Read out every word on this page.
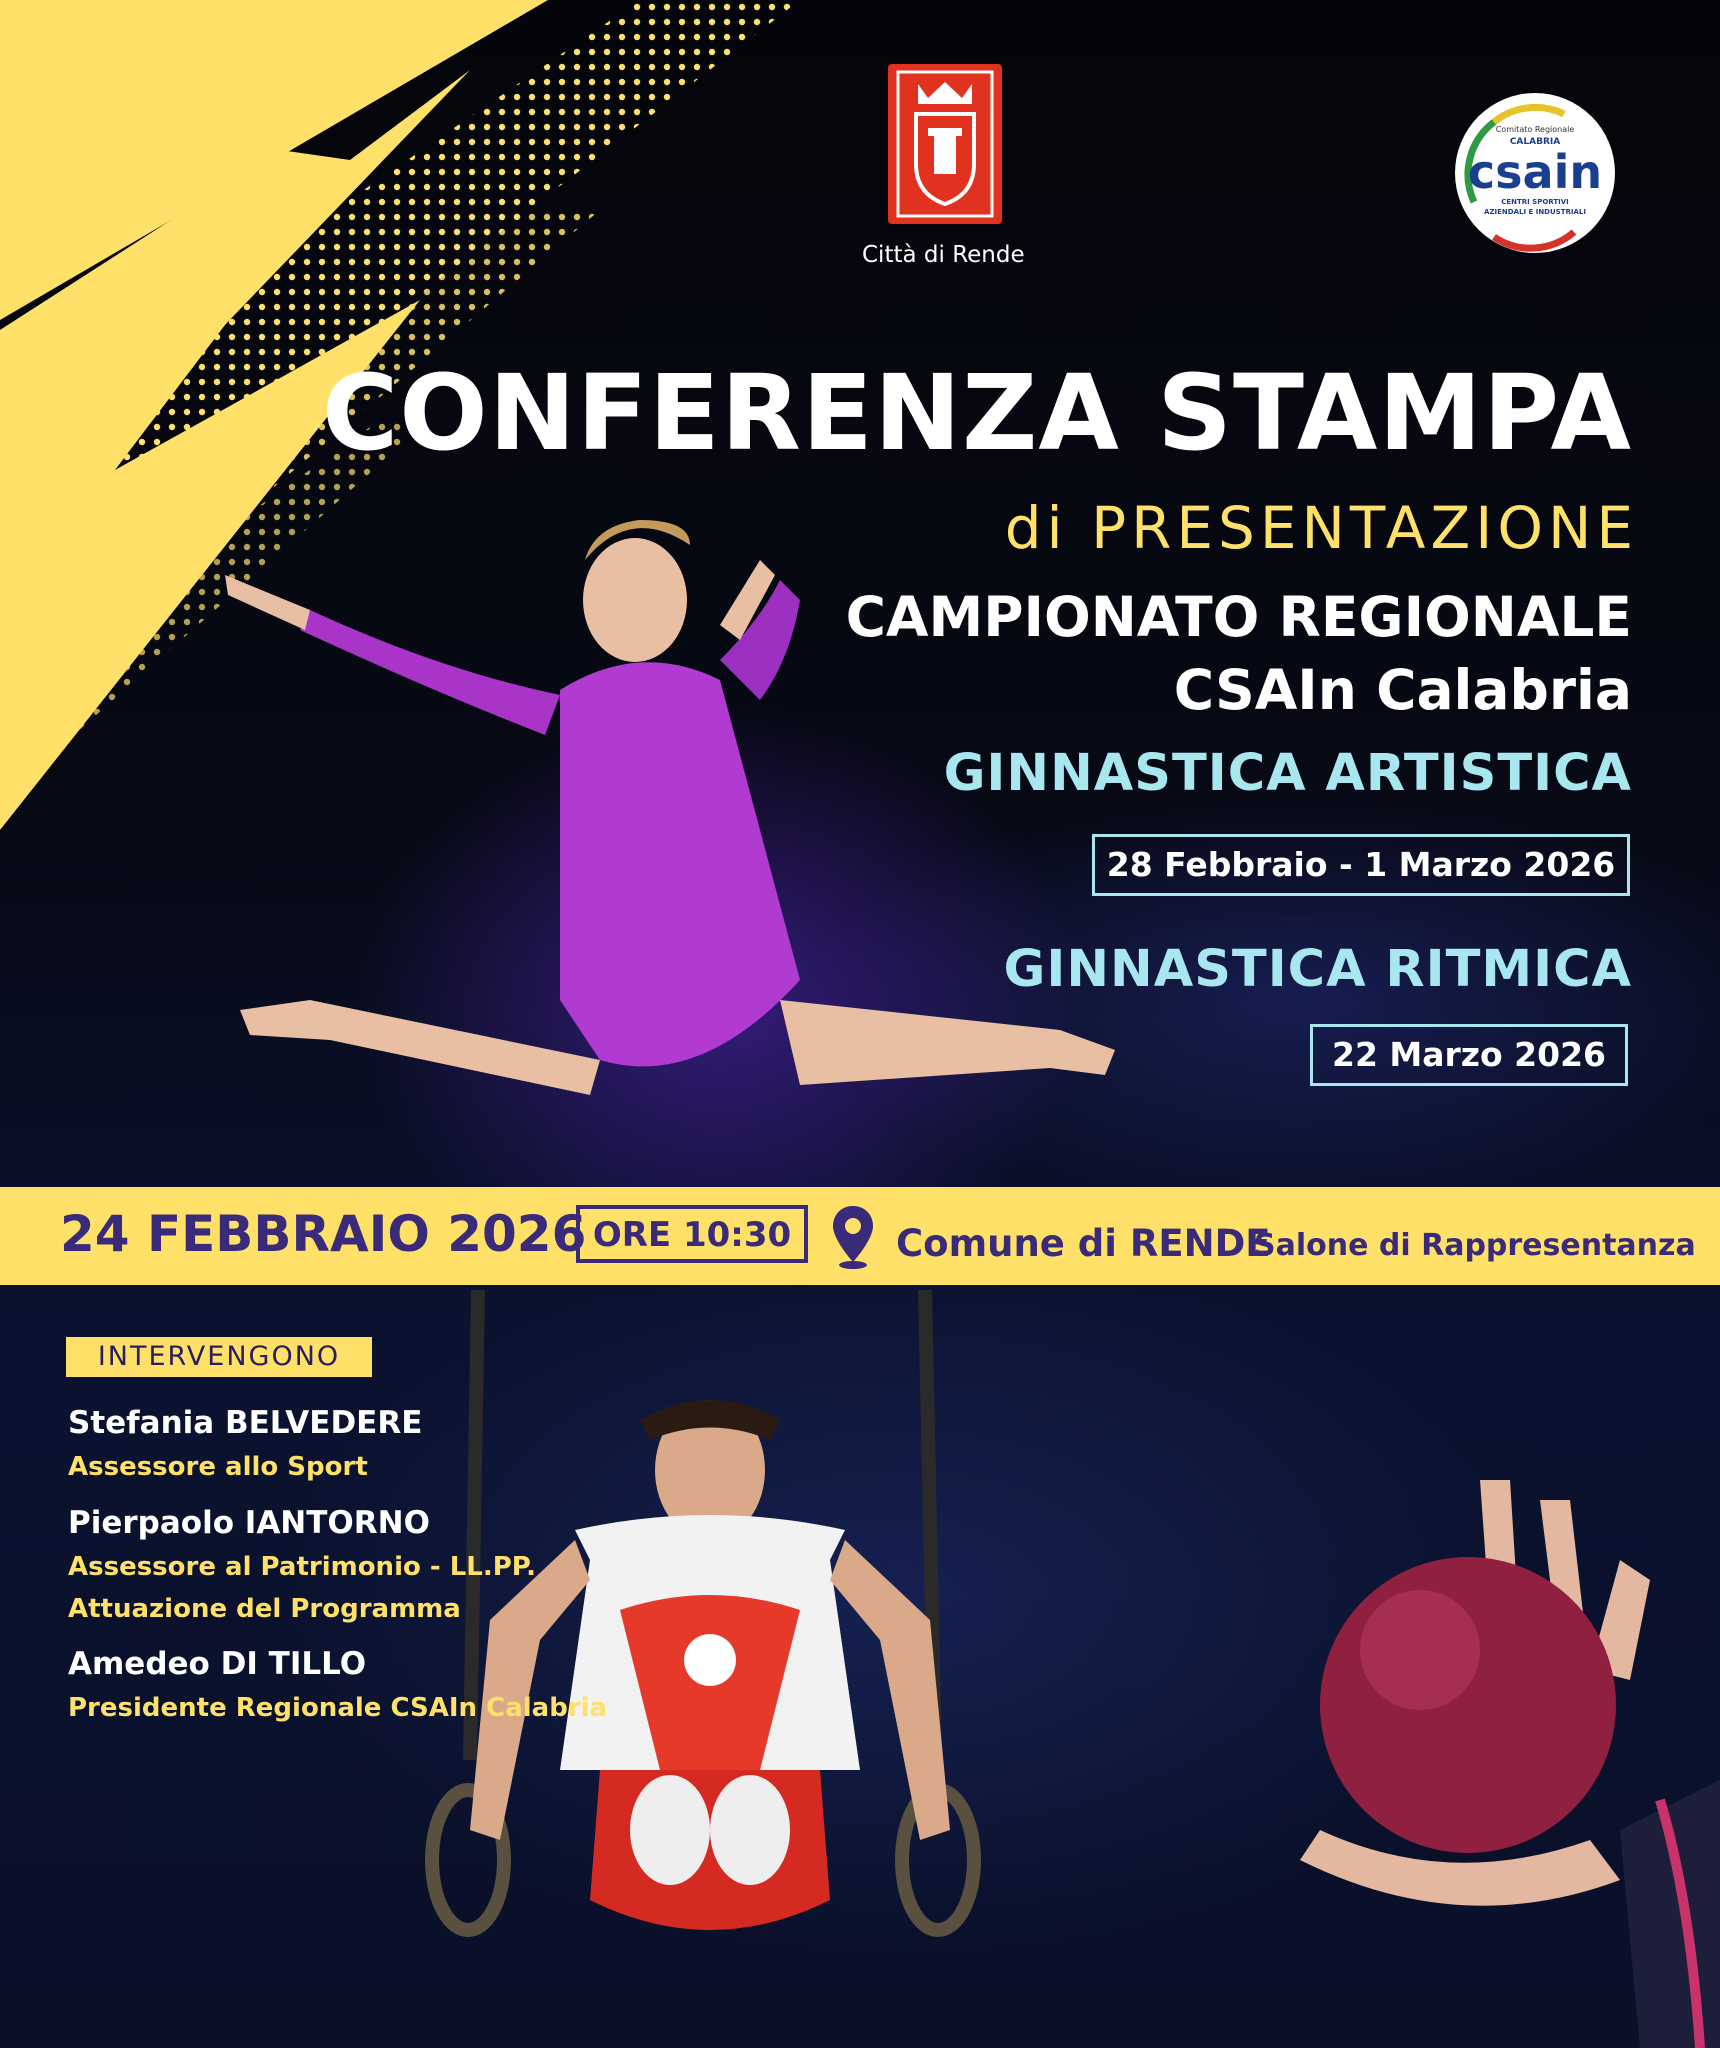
Città di Rende
Comitato Regionale
CALABRIA
csain
CENTRI SPORTIVI
AZIENDALI E INDUSTRIALI
CONFERENZA STAMPA
di PRESENTAZIONE
CAMPIONATO REGIONALE
CSAIn Calabria
GINNASTICA ARTISTICA
28 Febbraio - 1 Marzo 2026
GINNASTICA RITMICA
22 Marzo 2026
24 FEBBRAIO 2026 ORE 10:30	Comune di RENDE
Salone di Rappresentanza
INTERVENGONO
Stefania BELVEDERE
Assessore allo Sport
Pierpaolo IANTORNO
Assessore al Patrimonio - LL.PP.
Attuazione del Programma
Amedeo DI TILLO
Presidente Regionale CSAIn Calabria
